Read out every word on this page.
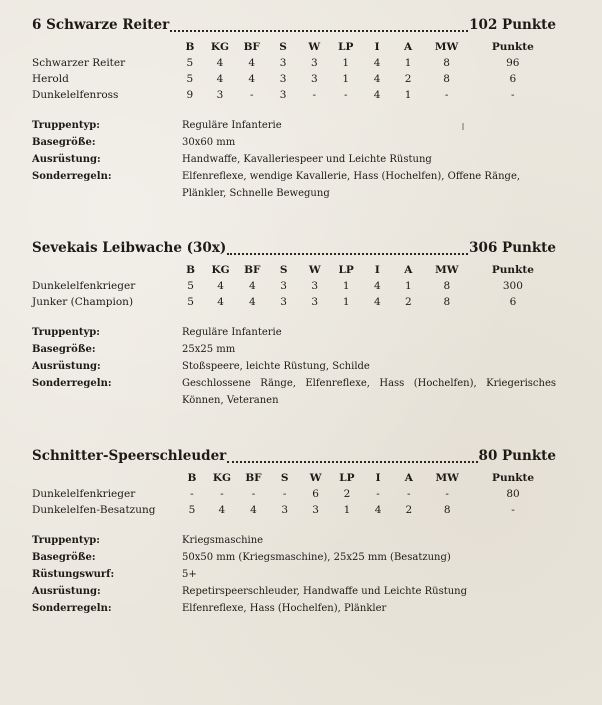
6 Schwarze Reiter	102 Punkte
	B	KG	BF	S	W	LP	I	A	MW	Punkte
Schwarzer Reiter	5	4	4	3	3	1	4	1	8	96
Herold	5	4	4	3	3	1	4	2	8	6
Dunkelelfenross	9	3	-	3	-	-	4	1	-	-
Truppentyp:	Reguläre Infanterie
Basegröße:	30x60 mm
Ausrüstung:	Handwaffe, Kavalleriespeer und Leichte Rüstung
Sonderregeln:	Elfenreflexe, wendige Kavallerie, Hass (Hochelfen), Offene Ränge, Plänkler, Schnelle Bewegung
Sevekais Leibwache (30x)	306 Punkte
	B	KG	BF	S	W	LP	I	A	MW	Punkte
Dunkelelfenkrieger	5	4	4	3	3	1	4	1	8	300
Junker (Champion)	5	4	4	3	3	1	4	2	8	6
Truppentyp:	Reguläre Infanterie
Basegröße:	25x25 mm
Ausrüstung:	Stoßspeere, leichte Rüstung, Schilde
Sonderregeln:	Geschlossene Ränge, Elfenreflexe, Hass (Hochelfen), Kriegerisches Können, Veteranen
Schnitter-Speerschleuder	80 Punkte
	B	KG	BF	S	W	LP	I	A	MW	Punkte
Dunkelelfenkrieger	-	-	-	-	6	2	-	-	-	80
Dunkelelfen-Besatzung	5	4	4	3	3	1	4	2	8	-
Truppentyp:	Kriegsmaschine
Basegröße:	50x50 mm (Kriegsmaschine), 25x25 mm (Besatzung)
Rüstungswurf:	5+
Ausrüstung:	Repetirspeerschleuder, Handwaffe und Leichte Rüstung
Sonderregeln:	Elfenreflexe, Hass (Hochelfen), Plänkler
